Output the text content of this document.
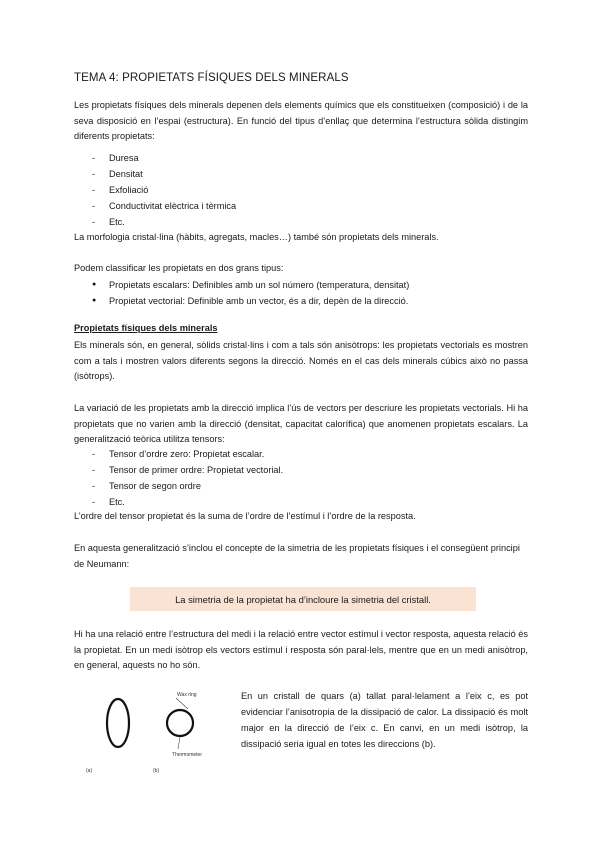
TEMA 4: PROPIETATS FÍSIQUES DELS MINERALS

Les propietats físiques dels minerals depenen dels elements químics que els constitueixen (composició) i de la seva disposició en l’espai (estructura). En funció del tipus d’enllaç que determina l’estructura sòlida distingim diferents propietats:

- Duresa
- Densitat
- Exfoliació
- Conductivitat elèctrica i tèrmica
- Etc.

La morfologia cristal·lina (hàbits, agregats, macles…) també són propietats dels minerals.

Podem classificar les propietats en dos grans tipus:

● Propietats escalars: Definibles amb un sol número (temperatura, densitat)
● Propietat vectorial: Definible amb un vector, és a dir, depèn de la direcció.
Propietats físiques dels minerals

Els minerals són, en general, sòlids cristal·lins i com a tals són anisòtrops: les propietats vectorials es mostren com a tals i mostren valors diferents segons la direcció. Només en el cas dels minerals cúbics això no passa (isòtrops).

La variació de les propietats amb la direcció implica l’ús de vectors per descriure les propietats vectorials. Hi ha propietats que no varien amb la direcció (densitat, capacitat calorífica) que anomenen propietats escalars. La generalització teòrica utilitza tensors:

- Tensor d’ordre zero: Propietat escalar.
- Tensor de primer ordre: Propietat vectorial.
- Tensor de segon ordre
- Etc.

L’ordre del tensor propietat és la suma de l’ordre de l’estímul i l’ordre de la resposta.

En aquesta generalització s’inclou el concepte de la simetria de les propietats físiques i el consegüent principi de Neumann:

La simetria de la propietat ha d’incloure la simetria del cristall.

Hi ha una relació entre l’estructura del medi i la relació entre vector estímul i vector resposta, aquesta relació és la propietat. En un medi isòtrop els vectors estímul i resposta són paral·lels, mentre que en un medi anisòtrop, en general, aquests no ho són.

Wax ring
Thermometer
(a)	(b)

En un cristall de quars (a) tallat paral·lelament a l’eix c, es pot evidenciar l’anisotropia de la dissipació de calor. La dissipació és molt major en la direcció de l’eix c. En canvi, en un medi isòtrop, la dissipació seria igual en totes les direccions (b).
